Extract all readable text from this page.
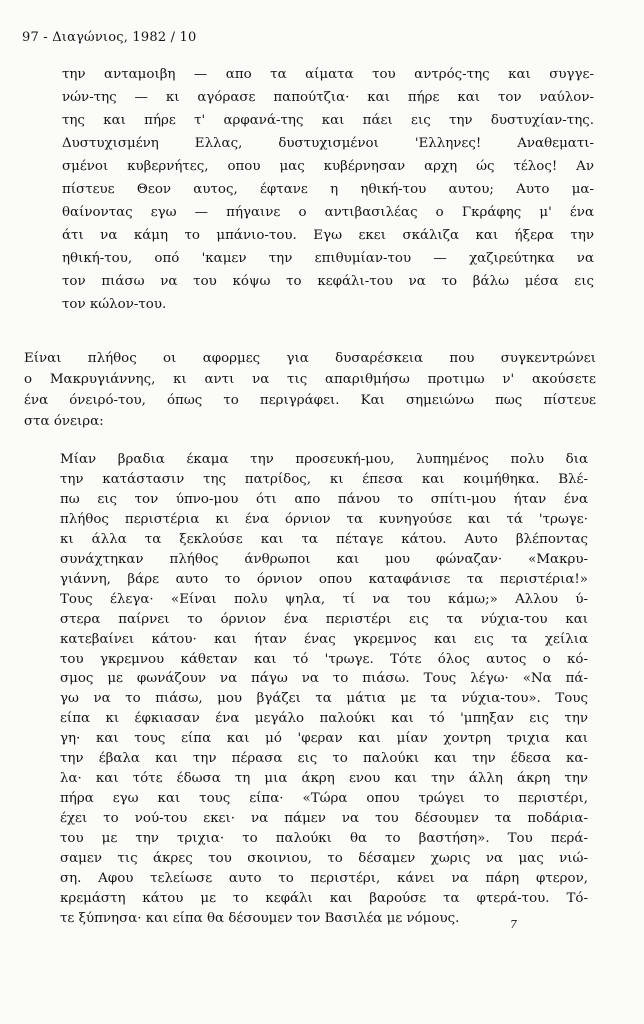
97 - Διαγώνιος, 1982 / 10
την ανταμοιβη — απο τα αίματα του αντρός-της και συγγε-
νών-της — κι αγόρασε παπούτζια· και πήρε και τον ναύλον-
της και πήρε τ' αρφανά-της και πάει εις την δυστυχίαν-της.
Δυστυχισμένη Ελλας, δυστυχισμένοι 'Ελληνες! Αναθεματι-
σμένοι κυβερνήτες, οπου μας κυβέρνησαν αρχη ώς τέλος! Αν
πίστευε Θεον αυτος, έφτανε η ηθική-του αυτου; Αυτο μα-
θαίνοντας εγω — πήγαινε ο αντιβασιλέας ο Γκράφης μ' ένα
άτι να κάμη το μπάνιο-του. Εγω εκει σκάλιζα και ήξερα την
ηθική-του, οπό 'καμεν την επιθυμίαν-του — χαζιρεύτηκα να
τον πιάσω να του κόψω το κεφάλι-του να το βάλω μέσα εις
τον κώλον-του.
Είναι πλήθος οι αφορμες για δυσαρέσκεια που συγκεντρώνει
ο Μακρυγιάννης, κι αντι να τις απαριθμήσω προτιμω ν' ακούσετε
ένα όνειρό-του, όπως το περιγράφει. Και σημειώνω πως πίστευε
στα όνειρα:
Μίαν βραδια έκαμα την προσευκή-μου, λυπημένος πολυ δια
την κατάστασιν της πατρίδος, κι έπεσα και κοιμήθηκα. Βλέ-
πω εις τον ύπνο-μου ότι απο πάνου το σπίτι-μου ήταν ένα
πλήθος περιστέρια κι ένα όρνιον τα κυνηγούσε και τά 'τρωγε·
κι άλλα τα ξεκλούσε και τα πέταγε κάτου. Αυτο βλέποντας
συνάχτηκαν πλήθος άνθρωποι και μου φώναζαν· «Μακρυ-
γιάννη, βάρε αυτο το όρνιον οπου καταφάνισε τα περιστέρια!»
Τους έλεγα· «Είναι πολυ ψηλα, τί να του κάμω;» Αλλου ύ-
στερα παίρνει το όρνιον ένα περιστέρι εις τα νύχια-του και
κατεβαίνει κάτου· και ήταν ένας γκρεμνος και εις τα χείλια
του γκρεμνου κάθεταν και τό 'τρωγε. Τότε όλος αυτος ο κό-
σμος με φωνάζουν να πάγω να το πιάσω. Τους λέγω· «Να πά-
γω να το πιάσω, μου βγάζει τα μάτια με τα νύχια-του». Τους
είπα κι έφκιασαν ένα μεγάλο παλούκι και τό 'μπηξαν εις την
γη· και τους είπα και μό 'φεραν και μίαν χοντρη τριχια και
την έβαλα και την πέρασα εις το παλούκι και την έδεσα κα-
λα· και τότε έδωσα τη μια άκρη ενου και την άλλη άκρη την
πήρα εγω και τους είπα· «Τώρα οπου τρώγει το περιστέρι,
έχει το νού-του εκει· να πάμεν να του δέσουμεν τα ποδάρια-
του με την τριχια· το παλούκι θα το βαστήση». Του περά-
σαμεν τις άκρες του σκοινιου, το δέσαμεν χωρις να μας νιώ-
ση. Αφου τελείωσε αυτο το περιστέρι, κάνει να πάρη φτερον,
κρεμάστη κάτου με το κεφάλι και βαρούσε τα φτερά-του. Τό-
τε ξύπνησα· και είπα θα δέσουμεν τον Βασιλέα με νόμους.	7
